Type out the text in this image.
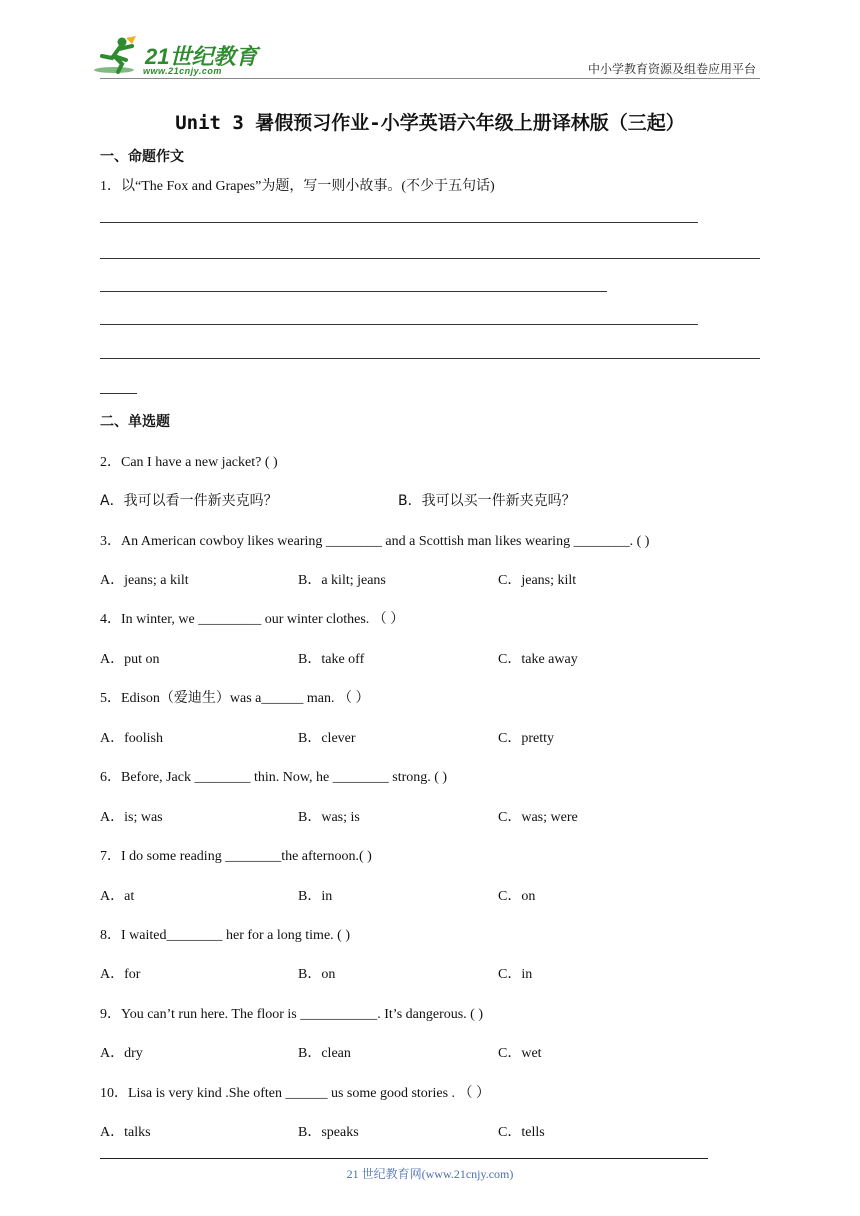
21世纪教育
www.21cnjy.com	中小学教育资源及组卷应用平台
Unit 3 暑假预习作业-小学英语六年级上册译林版（三起）
一、命题作文
1．以“The Fox and Grapes”为题，写一则小故事。(不少于五句话)
二、单选题
2．Can I have a new jacket? ( )
A．我可以看一件新夹克吗？	B．我可以买一件新夹克吗？
3．An American cowboy likes wearing ________ and a Scottish man likes wearing ________. ( )
A．jeans; a kilt	B．a kilt; jeans	C．jeans; kilt
4．In winter, we _________ our winter clothes. （ ）
A．put on	B．take off	C．take away
5．Edison（爱迪生）was a______ man. （ ）
A．foolish	B．clever	C．pretty
6．Before, Jack ________ thin. Now, he ________ strong. ( )
A．is; was	B．was; is	C．was; were
7．I do some reading ________the afternoon.( )
A．at	B．in	C．on
8．I waited________ her for a long time. ( )
A．for	B．on	C．in
9．You can’t run here. The floor is ___________. It’s dangerous. ( )
A．dry	B．clean	C．wet
10．Lisa is very kind .She often ______ us some good stories . （ ）
A．talks	B．speaks	C．tells
21 世纪教育网(www.21cnjy.com)
